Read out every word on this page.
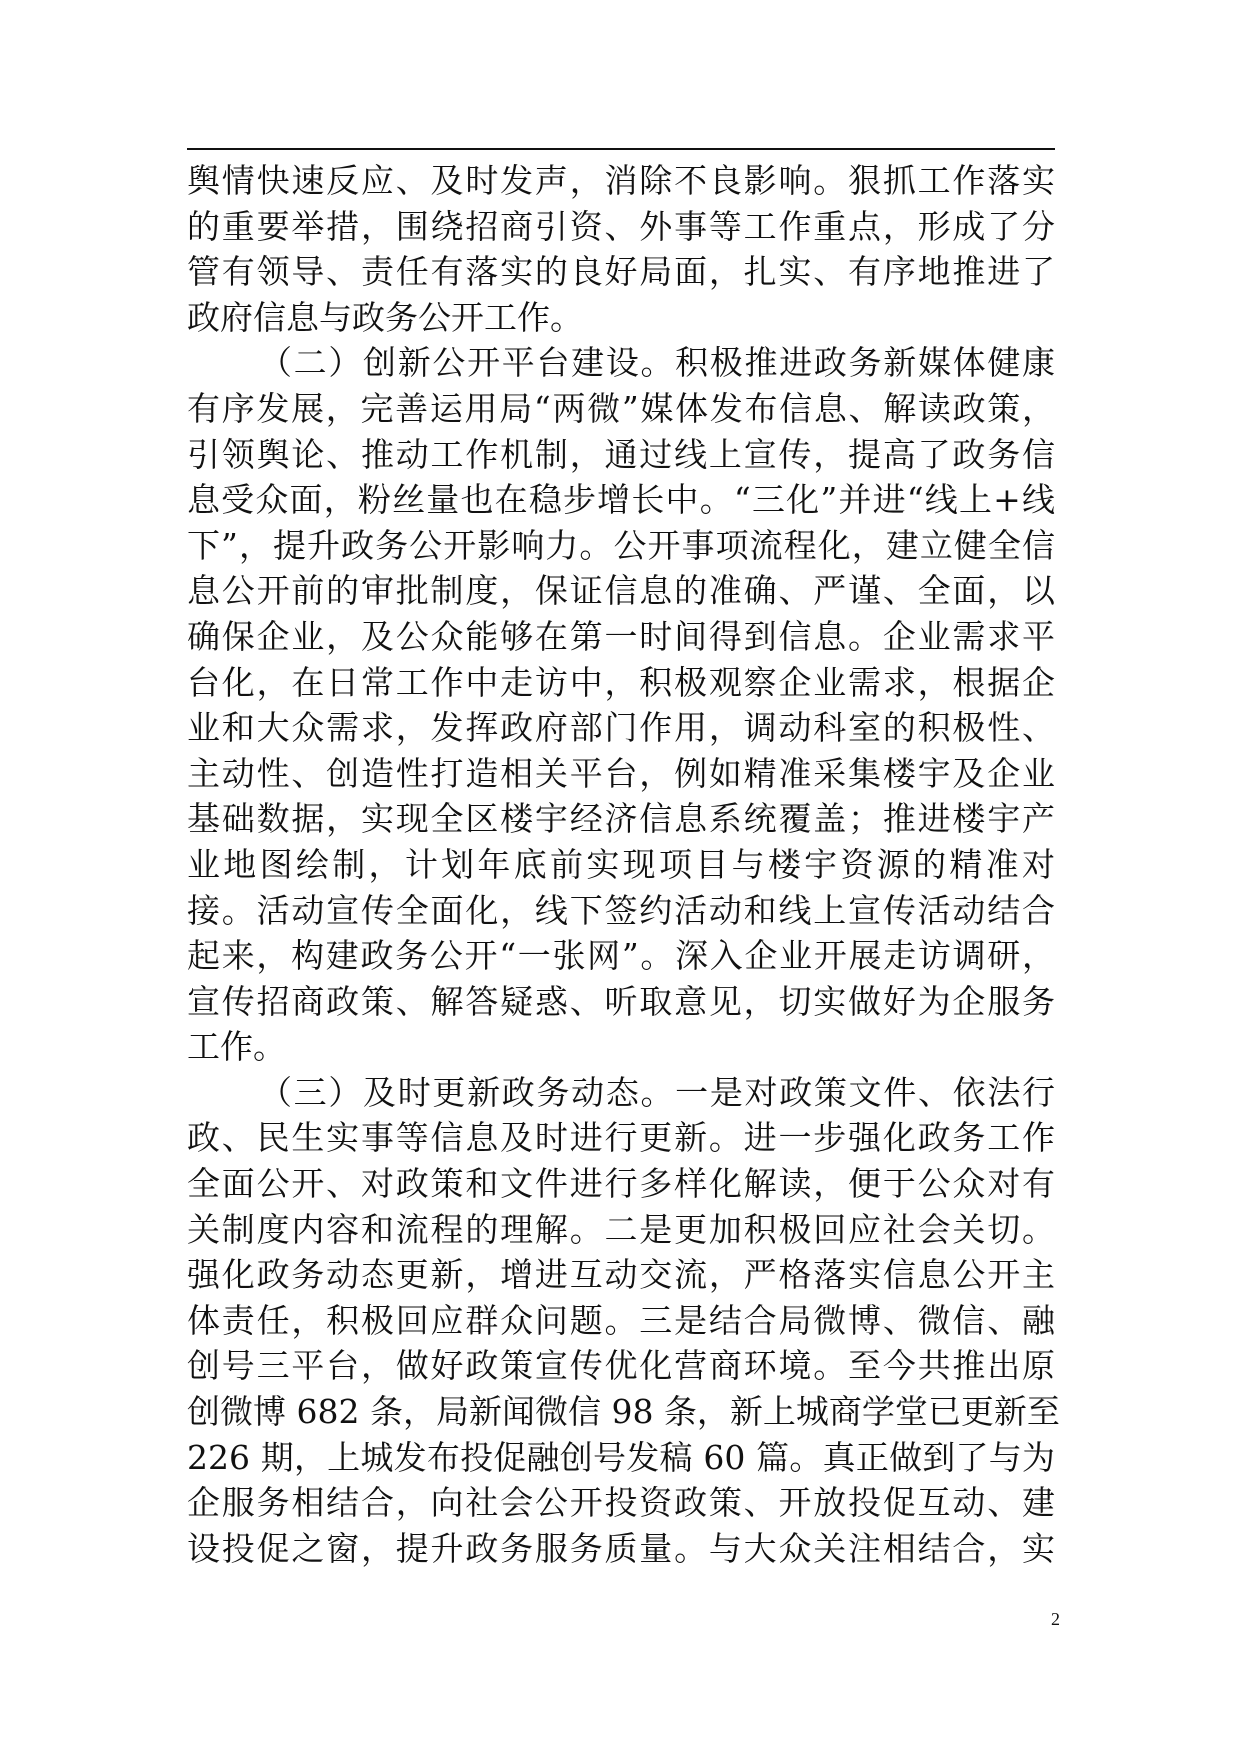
舆情快速反应、及时发声，消除不良影响。狠抓工作落实
的重要举措，围绕招商引资、外事等工作重点，形成了分
管有领导、责任有落实的良好局面，扎实、有序地推进了
政府信息与政务公开工作。
（二）创新公开平台建设。积极推进政务新媒体健康
有序发展，完善运用局“两微”媒体发布信息、解读政策，
引领舆论、推动工作机制，通过线上宣传，提高了政务信
息受众面，粉丝量也在稳步增长中。“三化”并进“线上+线
下”，提升政务公开影响力。公开事项流程化，建立健全信
息公开前的审批制度，保证信息的准确、严谨、全面，以
确保企业，及公众能够在第一时间得到信息。企业需求平
台化，在日常工作中走访中，积极观察企业需求，根据企
业和大众需求，发挥政府部门作用，调动科室的积极性、
主动性、创造性打造相关平台，例如精准采集楼宇及企业
基础数据，实现全区楼宇经济信息系统覆盖；推进楼宇产
业地图绘制，计划年底前实现项目与楼宇资源的精准对
接。活动宣传全面化，线下签约活动和线上宣传活动结合
起来，构建政务公开“一张网”。深入企业开展走访调研，
宣传招商政策、解答疑惑、听取意见，切实做好为企服务
工作。
（三）及时更新政务动态。一是对政策文件、依法行
政、民生实事等信息及时进行更新。进一步强化政务工作
全面公开、对政策和文件进行多样化解读，便于公众对有
关制度内容和流程的理解。二是更加积极回应社会关切。
强化政务动态更新，增进互动交流，严格落实信息公开主
体责任，积极回应群众问题。三是结合局微博、微信、融
创号三平台，做好政策宣传优化营商环境。至今共推出原
创微博 682 条，局新闻微信 98 条，新上城商学堂已更新至
226 期，上城发布投促融创号发稿 60 篇。真正做到了与为
企服务相结合，向社会公开投资政策、开放投促互动、建
设投促之窗，提升政务服务质量。与大众关注相结合，实
2
